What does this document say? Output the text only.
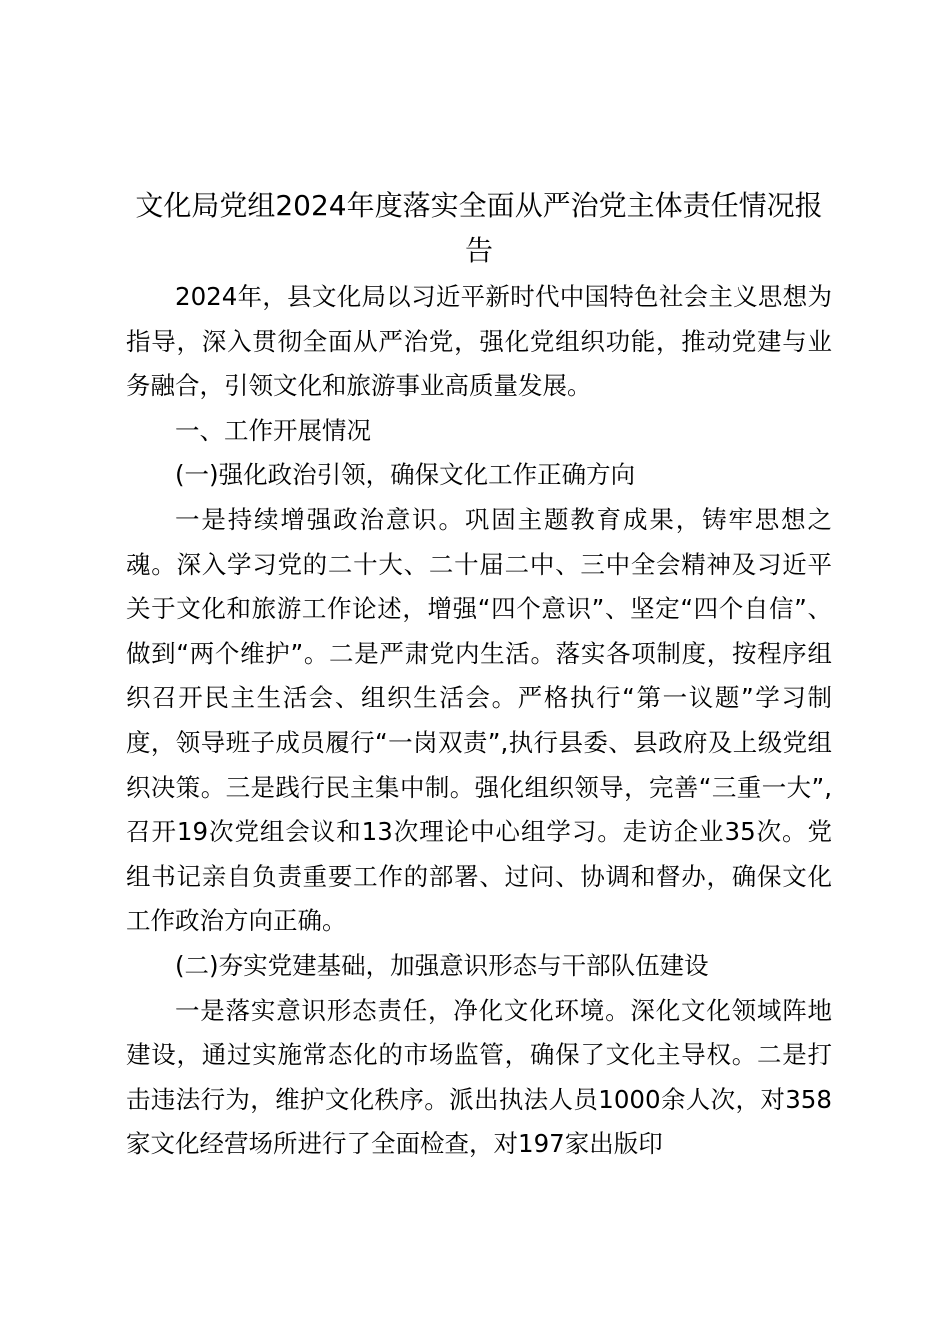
文化局党组2024年度落实全面从严治党主体责任情况报告

2024年，县文化局以习近平新时代中国特色社会主义思想为指导，深入贯彻全面从严治党，强化党组织功能，推动党建与业务融合，引领文化和旅游事业高质量发展。

一、工作开展情况

(一)强化政治引领，确保文化工作正确方向

一是持续增强政治意识。巩固主题教育成果，铸牢思想之魂。深入学习党的二十大、二十届二中、三中全会精神及习近平关于文化和旅游工作论述，增强“四个意识”、坚定“四个自信”、做到“两个维护”。二是严肃党内生活。落实各项制度，按程序组织召开民主生活会、组织生活会。严格执行“第一议题”学习制度，领导班子成员履行“一岗双责”,执行县委、县政府及上级党组织决策。三是践行民主集中制。强化组织领导，完善“三重一大”,召开19次党组会议和13次理论中心组学习。走访企业35次。党组书记亲自负责重要工作的部署、过问、协调和督办，确保文化工作政治方向正确。

(二)夯实党建基础，加强意识形态与干部队伍建设

一是落实意识形态责任，净化文化环境。深化文化领域阵地建设，通过实施常态化的市场监管，确保了文化主导权。二是打击违法行为，维护文化秩序。派出执法人员1000余人次，对358家文化经营场所进行了全面检查，对197家出版印
